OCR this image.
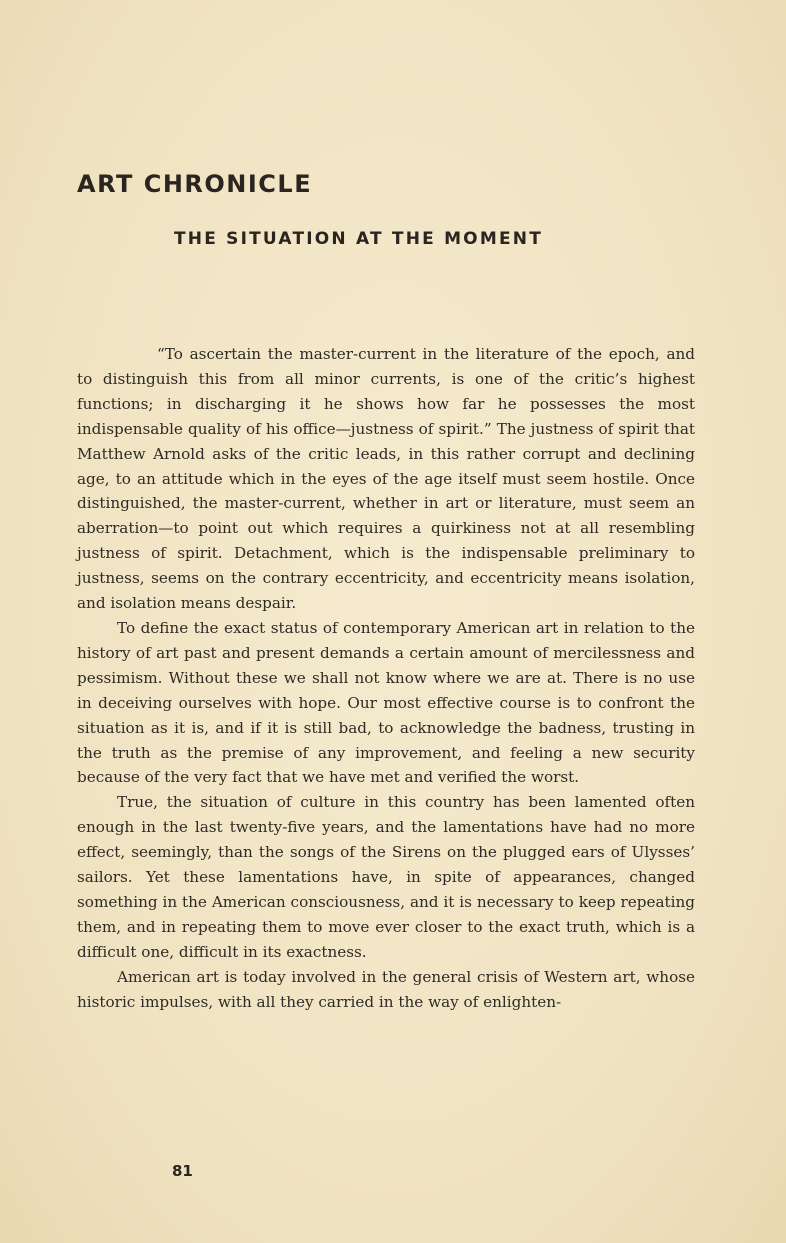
ART CHRONICLE
THE SITUATION AT THE MOMENT

“To ascertain the master-current in the literature of the epoch, and to distinguish this from all minor currents, is one of the critic’s highest functions; in discharging it he shows how far he possesses the most indispensable quality of his office—justness of spirit.” The justness of spirit that Matthew Arnold asks of the critic leads, in this rather corrupt and declining age, to an attitude which in the eyes of the age itself must seem hostile. Once distinguished, the master-current, whether in art or literature, must seem an aberration—to point out which requires a quirkiness not at all resembling justness of spirit. Detachment, which is the indispensable preliminary to justness, seems on the contrary eccentricity, and eccentricity means isolation, and isolation means despair.

To define the exact status of contemporary American art in relation to the history of art past and present demands a certain amount of mercilessness and pessimism. Without these we shall not know where we are at. There is no use in deceiving ourselves with hope. Our most effective course is to confront the situation as it is, and if it is still bad, to acknowledge the badness, trusting in the truth as the premise of any improvement, and feeling a new security because of the very fact that we have met and verified the worst.

True, the situation of culture in this country has been lamented often enough in the last twenty-five years, and the lamentations have had no more effect, seemingly, than the songs of the Sirens on the plugged ears of Ulysses’ sailors. Yet these lamentations have, in spite of appearances, changed something in the American consciousness, and it is necessary to keep repeating them, and in repeating them to move ever closer to the exact truth, which is a difficult one, difficult in its exactness.

American art is today involved in the general crisis of Western art, whose historic impulses, with all they carried in the way of enlighten-

81
